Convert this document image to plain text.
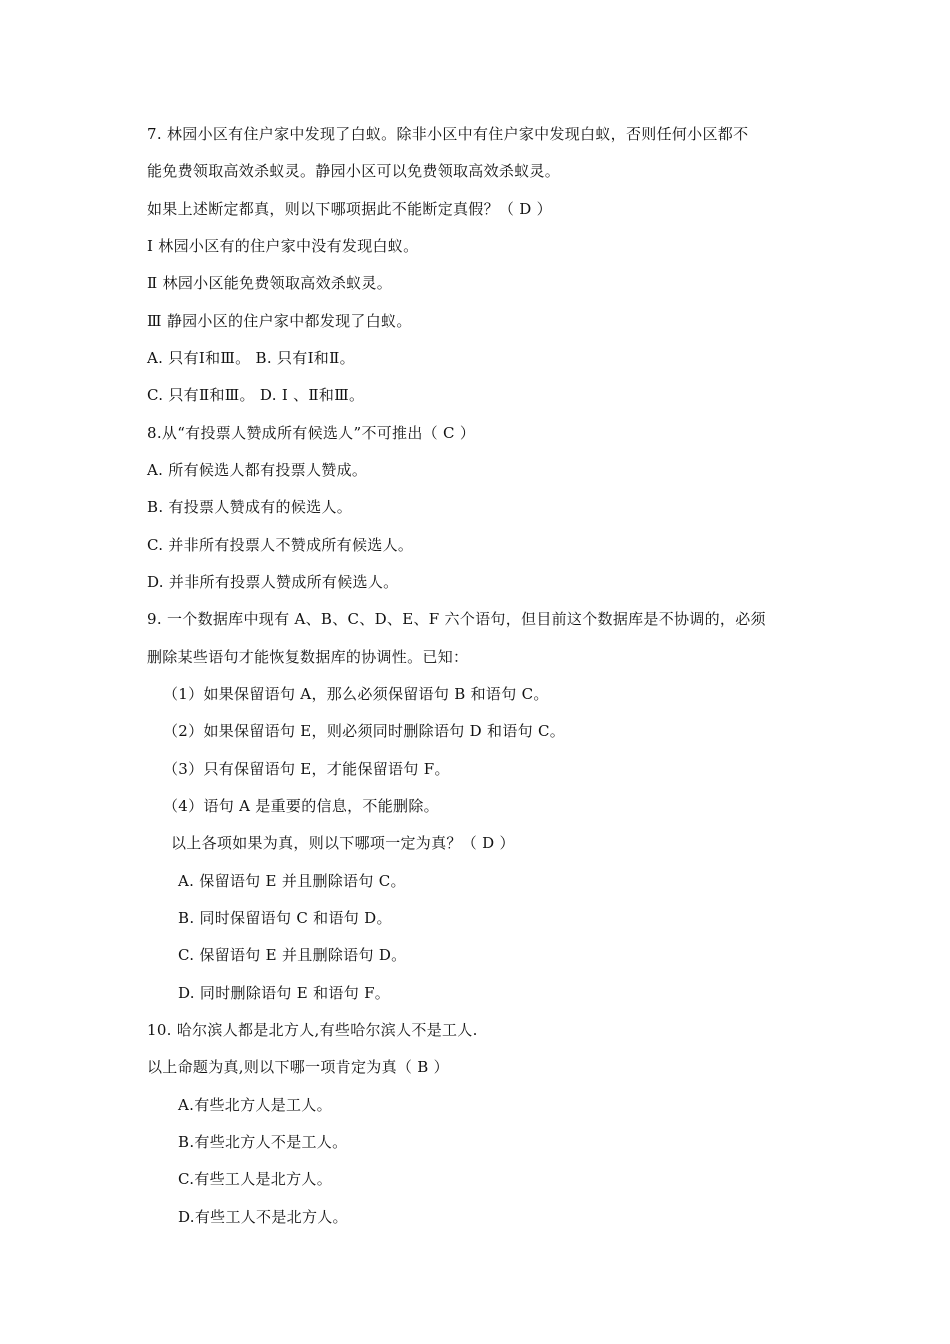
7. 林园小区有住户家中发现了白蚁。除非小区中有住户家中发现白蚁，否则任何小区都不
能免费领取高效杀蚁灵。静园小区可以免费领取高效杀蚁灵。
如果上述断定都真，则以下哪项据此不能断定真假？（ D ）
Ⅰ 林园小区有的住户家中没有发现白蚁。
Ⅱ 林园小区能免费领取高效杀蚁灵。
Ⅲ 静园小区的住户家中都发现了白蚁。
A. 只有Ⅰ和Ⅲ。 B. 只有Ⅰ和Ⅱ。
C. 只有Ⅱ和Ⅲ。 D. Ⅰ 、Ⅱ和Ⅲ。
8.从“有投票人赞成所有候选人”不可推出（ C ）
A. 所有候选人都有投票人赞成。
B. 有投票人赞成有的候选人。
C. 并非所有投票人不赞成所有候选人。
D. 并非所有投票人赞成所有候选人。
9. 一个数据库中现有 A、B、C、D、E、F 六个语句，但目前这个数据库是不协调的，必须
删除某些语句才能恢复数据库的协调性。已知：
（1）如果保留语句 A，那么必须保留语句 B 和语句 C。
（2）如果保留语句 E，则必须同时删除语句 D 和语句 C。
（3）只有保留语句 E，才能保留语句 F。
（4）语句 A 是重要的信息，不能删除。
以上各项如果为真，则以下哪项一定为真？（ D ）
A. 保留语句 E 并且删除语句 C。
B. 同时保留语句 C 和语句 D。
C. 保留语句 E 并且删除语句 D。
D. 同时删除语句 E 和语句 F。
10. 哈尔滨人都是北方人,有些哈尔滨人不是工人.
以上命题为真,则以下哪一项肯定为真（ B ）
A.有些北方人是工人。
B.有些北方人不是工人。
C.有些工人是北方人。
D.有些工人不是北方人。
